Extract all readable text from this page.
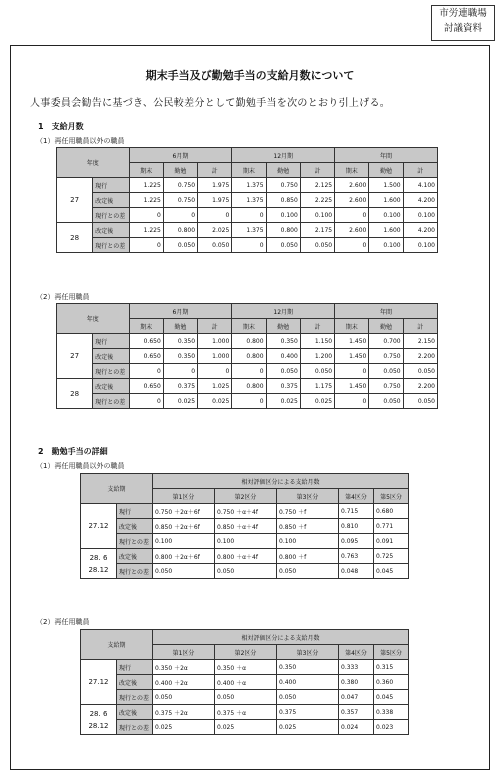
市労連職場
討議資料
期末手当及び勤勉手当の支給月数について
人事委員会勧告に基づき、公民較差分として勤勉手当を次のとおり引上げる。
1　支給月数
（1）再任用職員以外の職員
年度		6月期			12月期			年間		
		期末	勤勉	計	期末	勤勉	計	期末	勤勉	計
27	現行	1.225	0.750	1.975	1.375	0.750	2.125	2.600	1.500	4.100
	改定後	1.225	0.750	1.975	1.375	0.850	2.225	2.600	1.600	4.200
	現行との差	0	0	0	0	0.100	0.100	0	0.100	0.100
28	改定後	1.225	0.800	2.025	1.375	0.800	2.175	2.600	1.600	4.200
	現行との差	0	0.050	0.050	0	0.050	0.050	0	0.100	0.100
（2）再任用職員
年度		6月期			12月期			年間		
		期末	勤勉	計	期末	勤勉	計	期末	勤勉	計
27	現行	0.650	0.350	1.000	0.800	0.350	1.150	1.450	0.700	2.150
	改定後	0.650	0.350	1.000	0.800	0.400	1.200	1.450	0.750	2.200
	現行との差	0	0	0	0	0.050	0.050	0	0.050	0.050
28	改定後	0.650	0.375	1.025	0.800	0.375	1.175	1.450	0.750	2.200
	現行との差	0	0.025	0.025	0	0.025	0.025	0	0.050	0.050
2　勤勉手当の詳細
（1）再任用職員以外の職員
支給期		相対評価区分による支給月数				
		第1区分	第2区分	第3区分	第4区分	第5区分
27.12	現行	0.750 ＋2α＋6f	0.750 ＋α＋4f	0.750 ＋f	0.715	0.680
	改定後	0.850 ＋2α＋6f	0.850 ＋α＋4f	0.850 ＋f	0.810	0.771
	現行との差	0.100	0.100	0.100	0.095	0.091
28. 6
28.12	改定後	0.800 ＋2α＋6f	0.800 ＋α＋4f	0.800 ＋f	0.763	0.725
	現行との差	0.050	0.050	0.050	0.048	0.045
（2）再任用職員
支給期		相対評価区分による支給月数				
		第1区分	第2区分	第3区分	第4区分	第5区分
27.12	現行	0.350 ＋2α	0.350 ＋α	0.350	0.333	0.315
	改定後	0.400 ＋2α	0.400 ＋α	0.400	0.380	0.360
	現行との差	0.050	0.050	0.050	0.047	0.045
28. 6
28.12	改定後	0.375 ＋2α	0.375 ＋α	0.375	0.357	0.338
	現行との差	0.025	0.025	0.025	0.024	0.023
